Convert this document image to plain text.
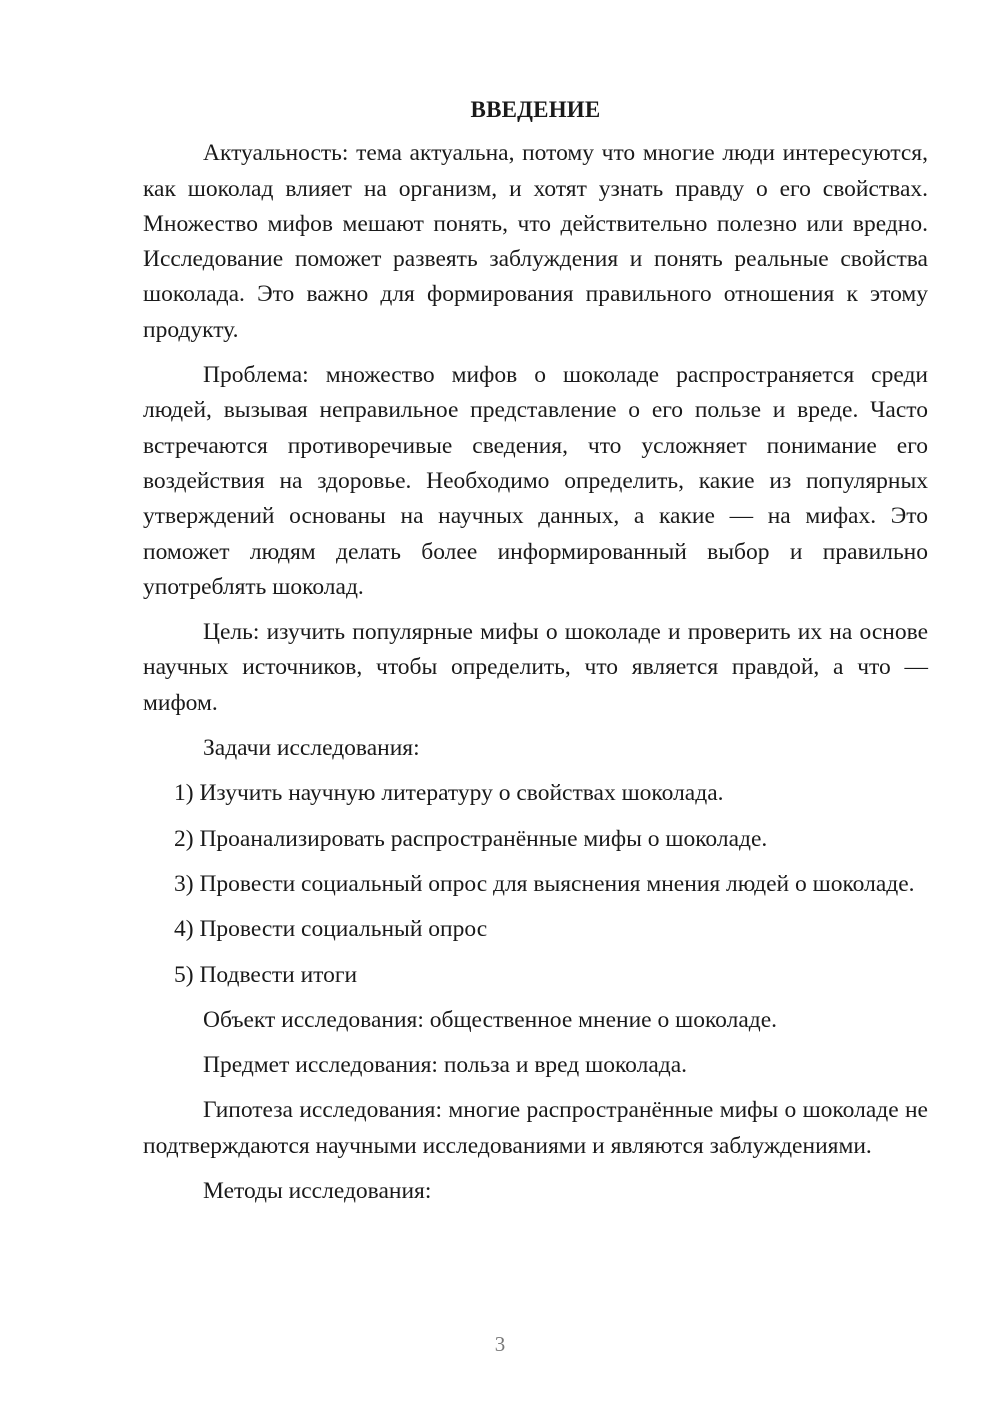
ВВЕДЕНИЕ

Актуальность: тема актуальна, потому что многие люди интересуются, как шоколад влияет на организм, и хотят узнать правду о его свойствах. Множество мифов мешают понять, что действительно полезно или вредно. Исследование поможет развеять заблуждения и понять реальные свойства шоколада. Это важно для формирования правильного отношения к этому продукту.

Проблема: множество мифов о шоколаде распространяется среди людей, вызывая неправильное представление о его пользе и вреде. Часто встречаются противоречивые сведения, что усложняет понимание его воздействия на здоровье. Необходимо определить, какие из популярных утверждений основаны на научных данных, а какие — на мифах. Это поможет людям делать более информированный выбор и правильно употреблять шоколад.

Цель: изучить популярные мифы о шоколаде и проверить их на основе научных источников, чтобы определить, что является правдой, а что — мифом.

Задачи исследования:

1) Изучить научную литературу о свойствах шоколада.

2) Проанализировать распространённые мифы о шоколаде.

3) Провести социальный опрос для выяснения мнения людей о шоколаде.

4) Провести социальный опрос

5) Подвести итоги

Объект исследования: общественное мнение о шоколаде.

Предмет исследования: польза и вред шоколада.

Гипотеза исследования: многие распространённые мифы о шоколаде не подтверждаются научными исследованиями и являются заблуждениями.

Методы исследования:

3
